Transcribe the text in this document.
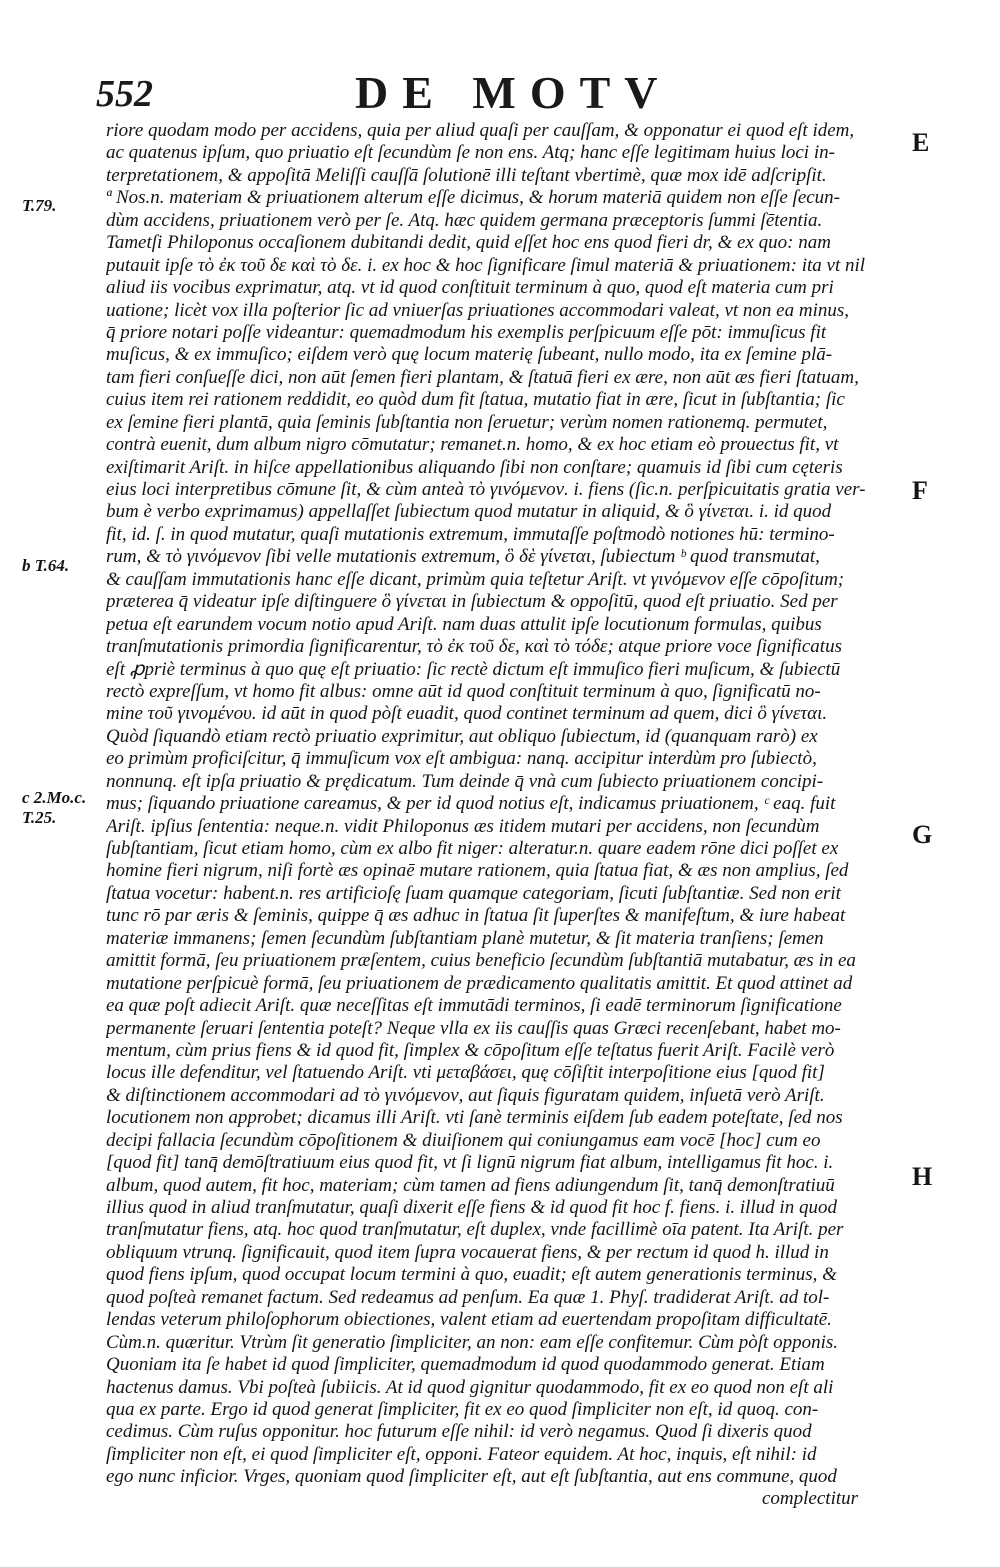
552	DE MOTV
T.79.
b T.64.
c 2.Mo.c.
T.25.
E
F
G
H
riore quodam modo per accidens, quia per aliud quaſi per cauſſam, & opponatur ei quod eſt idem,
ac quatenus ipſum, quo priuatio eſt ſecundùm ſe non ens. Atq; hanc eſſe legitimam huius loci in-
terpretationem, & appoſitā Meliſſi cauſſā ſolutionē illi teſtant vbertimè, quæ mox idē adſcripſit.
ª Nos.n. materiam & priuationem alterum eſſe dicimus, & horum materiā quidem non eſſe ſecun-
dùm accidens, priuationem verò per ſe. Atq. hæc quidem germana præceptoris ſummi ſētentia.
Tametſi Philoponus occaſionem dubitandi dedit, quid eſſet hoc ens quod fieri dr, & ex quo: nam
putauit ipſe τὸ ἐκ τοῦ δε καὶ τὸ δε. i. ex hoc & hoc ſignificare ſimul materiā & priuationem: ita vt nil
aliud iis vocibus exprimatur, atq. vt id quod conſtituit terminum à quo, quod eſt materia cum pri
uatione; licèt vox illa poſterior ſic ad vniuerſas priuationes accommodari valeat, vt non ea minus,
q̄ priore notari poſſe videantur: quemadmodum his exemplis perſpicuum eſſe pōt: immuſicus fit
muſicus, & ex immuſico; eiſdem verò quę locum materię ſubeant, nullo modo, ita ex ſemine plā-
tam fieri conſueſſe dici, non aūt ſemen fieri plantam, & ſtatuā fieri ex ære, non aūt æs fieri ſtatuam,
cuius item rei rationem reddidit, eo quòd dum fit ſtatua, mutatio fiat in ære, ſicut in ſubſtantia; ſic
ex ſemine fieri plantā, quia ſeminis ſubſtantia non ſeruetur; verùm nomen rationemq. permutet,
contrà euenit, dum album nigro cōmutatur; remanet.n. homo, & ex hoc etiam eò prouectus fit, vt
exiſtimarit Ariſt. in hiſce appellationibus aliquando ſibi non conſtare; quamuis id ſibi cum cęteris
eius loci interpretibus cōmune ſit, & cùm anteà τὸ γινόμενον. i. fiens (ſic.n. perſpicuitatis gratia ver-
bum è verbo exprimamus) appellaſſet ſubiectum quod mutatur in aliquid, & ὃ γίνεται. i. id quod
fit, id. ſ. in quod mutatur, quaſi mutationis extremum, immutaſſe poſtmodò notiones hū: termino-
rum, & τὸ γινόμενον ſibi velle mutationis extremum, ὃ δὲ γίνεται, ſubiectum ᵇ quod transmutat,
& cauſſam immutationis hanc eſſe dicant, primùm quia teſtetur Ariſt. vt γινόμενον eſſe cōpoſitum;
præterea q̄ videatur ipſe diſtinguere ὃ γίνεται in ſubiectum & oppoſitū, quod eſt priuatio. Sed per
petua eſt earundem vocum notio apud Ariſt. nam duas attulit ipſe locutionum formulas, quibus
tranſmutationis primordia ſignificarentur, τὸ ἐκ τοῦ δε, καὶ τὸ τόδε; atque priore voce ſignificatus
eſt ꝓpriè terminus à quo quę eſt priuatio: ſic rectè dictum eſt immuſico fieri muſicum, & ſubiectū
rectò expreſſum, vt homo fit albus: omne aūt id quod conſtituit terminum à quo, ſignificatū no-
mine τοῦ γινομένου. id aūt in quod pòſt euadit, quod continet terminum ad quem, dici ὃ γίνεται.
Quòd ſiquandò etiam rectò priuatio exprimitur, aut obliquo ſubiectum, id (quanquam rarò) ex
eo primùm proficiſcitur, q̄ immuſicum vox eſt ambigua: nanq. accipitur interdùm pro ſubiectò,
nonnunq. eſt ipſa priuatio & prędicatum. Tum deinde q̄ vnà cum ſubiecto priuationem concipi-
mus; ſiquando priuatione careamus, & per id quod notius eſt, indicamus priuationem, ᶜ eaq. fuit
Ariſt. ipſius ſententia: neque.n. vidit Philoponus æs itidem mutari per accidens, non ſecundùm
ſubſtantiam, ſicut etiam homo, cùm ex albo fit niger: alteratur.n. quare eadem rōne dici poſſet ex
homine fieri nigrum, niſi fortè æs opinaē mutare rationem, quia ſtatua fiat, & æs non amplius, ſed
ſtatua vocetur: habent.n. res artificioſę ſuam quamque categoriam, ſicuti ſubſtantiæ. Sed non erit
tunc rō par æris & ſeminis, quippe q̄ æs adhuc in ſtatua ſit ſuperſtes & manifeſtum, & iure habeat
materiæ immanens; ſemen ſecundùm ſubſtantiam planè mutetur, & ſit materia tranſiens; ſemen
amittit formā, ſeu priuationem præſentem, cuius beneficio ſecundùm ſubſtantiā mutabatur, æs in ea
mutatione perſpicuè formā, ſeu priuationem de prædicamento qualitatis amittit. Et quod attinet ad
ea quæ poſt adiecit Ariſt. quæ neceſſitas eſt immutādi terminos, ſi eadē terminorum ſignificatione
permanente ſeruari ſententia poteſt? Neque vlla ex iis cauſſis quas Græci recenſebant, habet mo-
mentum, cùm prius fiens & id quod fit, ſimplex & cōpoſitum eſſe teſtatus fuerit Ariſt. Facilè verò
locus ille defenditur, vel ſtatuendo Ariſt. vti μεταβάσει, quę cōſiſtit interpoſitione eius [quod fit]
& diſtinctionem accommodari ad τὸ γινόμενον, aut ſiquis figuratam quidem, inſuetā verò Ariſt.
locutionem non approbet; dicamus illi Ariſt. vti ſanè terminis eiſdem ſub eadem poteſtate, ſed nos
decipi fallacia ſecundùm cōpoſitionem & diuiſionem qui coniungamus eam vocē [hoc] cum eo
[quod fit] tanq̄ demōſtratiuum eius quod fit, vt ſi lignū nigrum fiat album, intelligamus fit hoc. i.
album, quod autem, fit hoc, materiam; cùm tamen ad fiens adiungendum ſit, tanq̄ demonſtratiuū
illius quod in aliud tranſmutatur, quaſi dixerit eſſe fiens & id quod fit hoc f. fiens. i. illud in quod
tranſmutatur fiens, atq. hoc quod tranſmutatur, eſt duplex, vnde facillimè oīa patent. Ita Ariſt. per
obliquum vtrunq. ſignificauit, quod item ſupra vocauerat fiens, & per rectum id quod h. illud in
quod fiens ipſum, quod occupat locum termini à quo, euadit; eſt autem generationis terminus, &
quod poſteà remanet factum. Sed redeamus ad penſum. Ea quæ 1. Phyſ. tradiderat Ariſt. ad tol-
lendas veterum philoſophorum obiectiones, valent etiam ad euertendam propoſitam difficultatē.
Cùm.n. quæritur. Vtrùm ſit generatio ſimpliciter, an non: eam eſſe confitemur. Cùm pòſt opponis.
Quoniam ita ſe habet id quod ſimpliciter, quemadmodum id quod quodammodo generat. Etiam
hactenus damus. Vbi poſteà ſubiicis. At id quod gignitur quodammodo, fit ex eo quod non eſt ali
qua ex parte. Ergo id quod generat ſimpliciter, fit ex eo quod ſimpliciter non eſt, id quoq. con-
cedimus. Cùm ruſus opponitur. hoc futurum eſſe nihil: id verò negamus. Quod ſi dixeris quod
ſimpliciter non eſt, ei quod ſimpliciter eſt, opponi. Fateor equidem. At hoc, inquis, eſt nihil: id
ego nunc inficior. Vrges, quoniam quod ſimpliciter eſt, aut eſt ſubſtantia, aut ens commune, quod
complectitur
